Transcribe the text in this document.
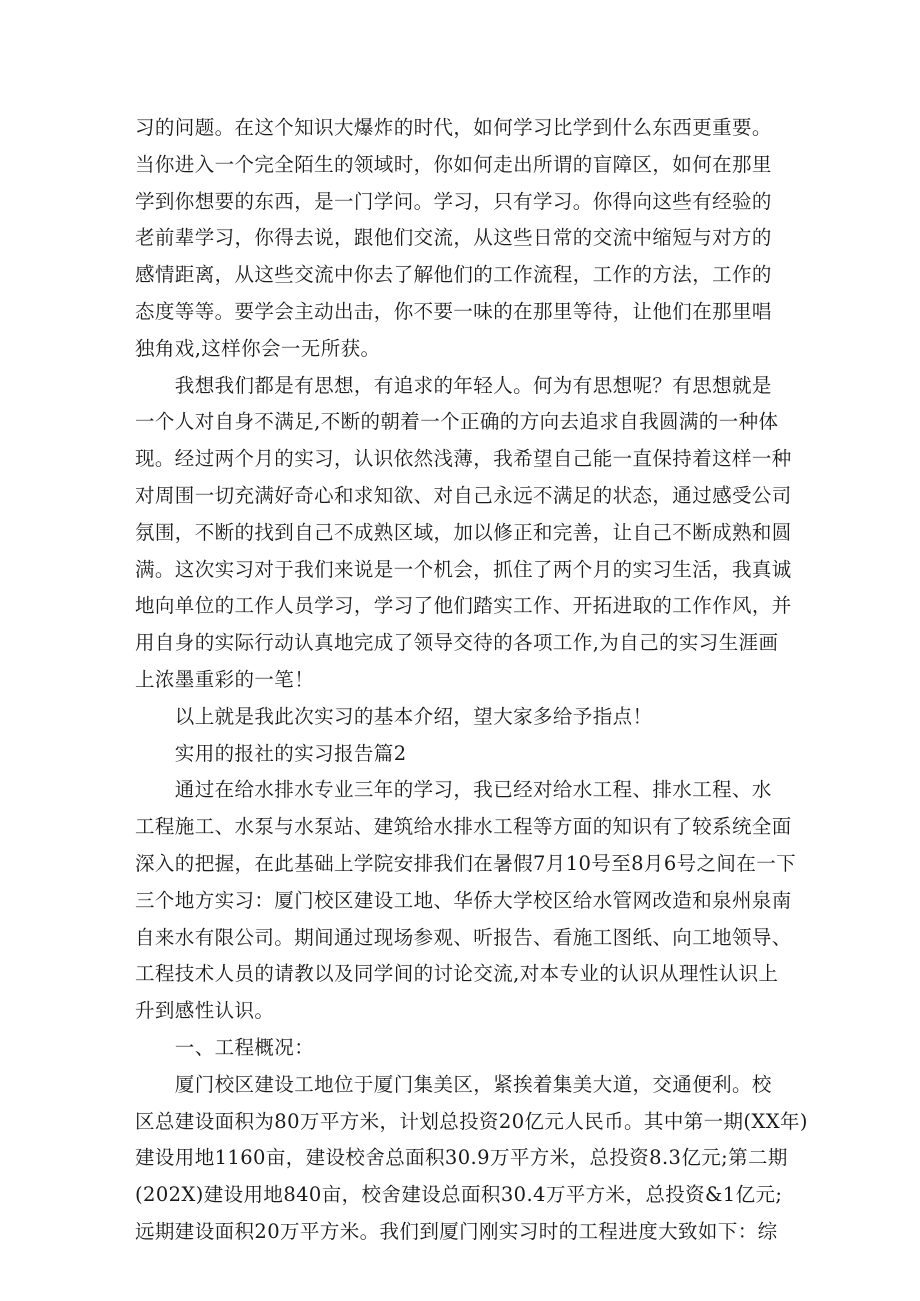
习的问题。在这个知识大爆炸的时代，如何学习比学到什么东西更重要。
当你进入一个完全陌生的领域时，你如何走出所谓的盲障区，如何在那里
学到你想要的东西，是一门学问。学习，只有学习。你得向这些有经验的
老前辈学习，你得去说，跟他们交流，从这些日常的交流中缩短与对方的
感情距离，从这些交流中你去了解他们的工作流程，工作的方法，工作的
态度等等。要学会主动出击，你不要一味的在那里等待，让他们在那里唱
独角戏,这样你会一无所获。
　　我想我们都是有思想，有追求的年轻人。何为有思想呢？有思想就是
一个人对自身不满足,不断的朝着一个正确的方向去追求自我圆满的一种体
现。经过两个月的实习，认识依然浅薄，我希望自己能一直保持着这样一种
对周围一切充满好奇心和求知欲、对自己永远不满足的状态，通过感受公司
氛围，不断的找到自己不成熟区域，加以修正和完善，让自己不断成熟和圆
满。这次实习对于我们来说是一个机会，抓住了两个月的实习生活，我真诚
地向单位的工作人员学习，学习了他们踏实工作、开拓进取的工作作风，并
用自身的实际行动认真地完成了领导交待的各项工作,为自己的实习生涯画
上浓墨重彩的一笔！
　　以上就是我此次实习的基本介绍，望大家多给予指点！
　　实用的报社的实习报告篇2
　　通过在给水排水专业三年的学习，我已经对给水工程、排水工程、水
工程施工、水泵与水泵站、建筑给水排水工程等方面的知识有了较系统全面
深入的把握，在此基础上学院安排我们在暑假7月10号至8月6号之间在一下
三个地方实习：厦门校区建设工地、华侨大学校区给水管网改造和泉州泉南
自来水有限公司。期间通过现场参观、听报告、看施工图纸、向工地领导、
工程技术人员的请教以及同学间的讨论交流,对本专业的认识从理性认识上
升到感性认识。
　　一、工程概况：
　　厦门校区建设工地位于厦门集美区，紧挨着集美大道，交通便利。校
区总建设面积为80万平方米，计划总投资20亿元人民币。其中第一期(XX年)
建设用地1160亩，建设校舍总面积30.9万平方米，总投资8.3亿元;第二期
(202X)建设用地840亩，校舍建设总面积30.4万平方米，总投资&1亿元;
远期建设面积20万平方米。我们到厦门刚实习时的工程进度大致如下：综
